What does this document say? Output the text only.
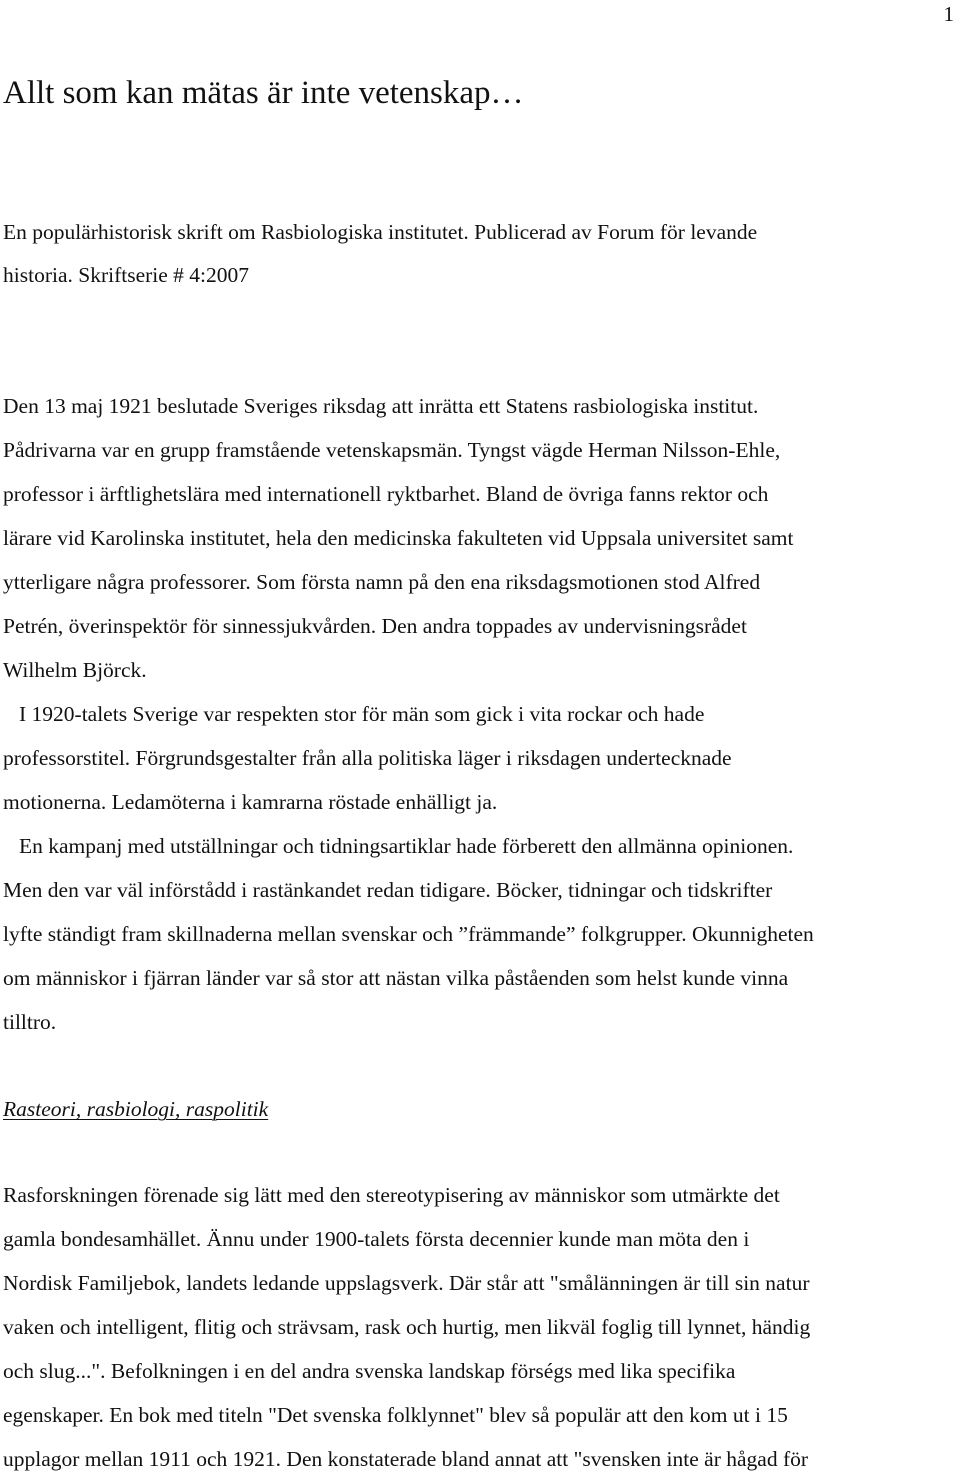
1
Allt som kan mätas är inte vetenskap…
En populärhistorisk skrift om Rasbiologiska institutet. Publicerad av Forum för levande
historia. Skriftserie # 4:2007
Den 13 maj 1921 beslutade Sveriges riksdag att inrätta ett Statens rasbiologiska institut.
Pådrivarna var en grupp framstående vetenskapsmän. Tyngst vägde Herman Nilsson-Ehle,
professor i ärftlighetslära med internationell ryktbarhet. Bland de övriga fanns rektor och
lärare vid Karolinska institutet, hela den medicinska fakulteten vid Uppsala universitet samt
ytterligare några professorer. Som första namn på den ena riksdagsmotionen stod Alfred
Petrén, överinspektör för sinnessjukvården. Den andra toppades av undervisningsrådet
Wilhelm Björck.
I 1920-talets Sverige var respekten stor för män som gick i vita rockar och hade
professorstitel. Förgrundsgestalter från alla politiska läger i riksdagen undertecknade
motionerna. Ledamöterna i kamrarna röstade enhälligt ja.
En kampanj med utställningar och tidningsartiklar hade förberett den allmänna opinionen.
Men den var väl införstådd i rastänkandet redan tidigare. Böcker, tidningar och tidskrifter
lyfte ständigt fram skillnaderna mellan svenskar och ”främmande” folkgrupper. Okunnigheten
om människor i fjärran länder var så stor att nästan vilka påståenden som helst kunde vinna
tilltro.
Rasteori, rasbiologi, raspolitik
Rasforskningen förenade sig lätt med den stereotypisering av människor som utmärkte det
gamla bondesamhället. Ännu under 1900-talets första decennier kunde man möta den i
Nordisk Familjebok, landets ledande uppslagsverk. Där står att "smålänningen är till sin natur
vaken och intelligent, flitig och strävsam, rask och hurtig, men likväl foglig till lynnet, händig
och slug...". Befolkningen i en del andra svenska landskap förségs med lika specifika
egenskaper. En bok med titeln "Det svenska folklynnet" blev så populär att den kom ut i 15
upplagor mellan 1911 och 1921. Den konstaterade bland annat att "svensken inte är hågad för
